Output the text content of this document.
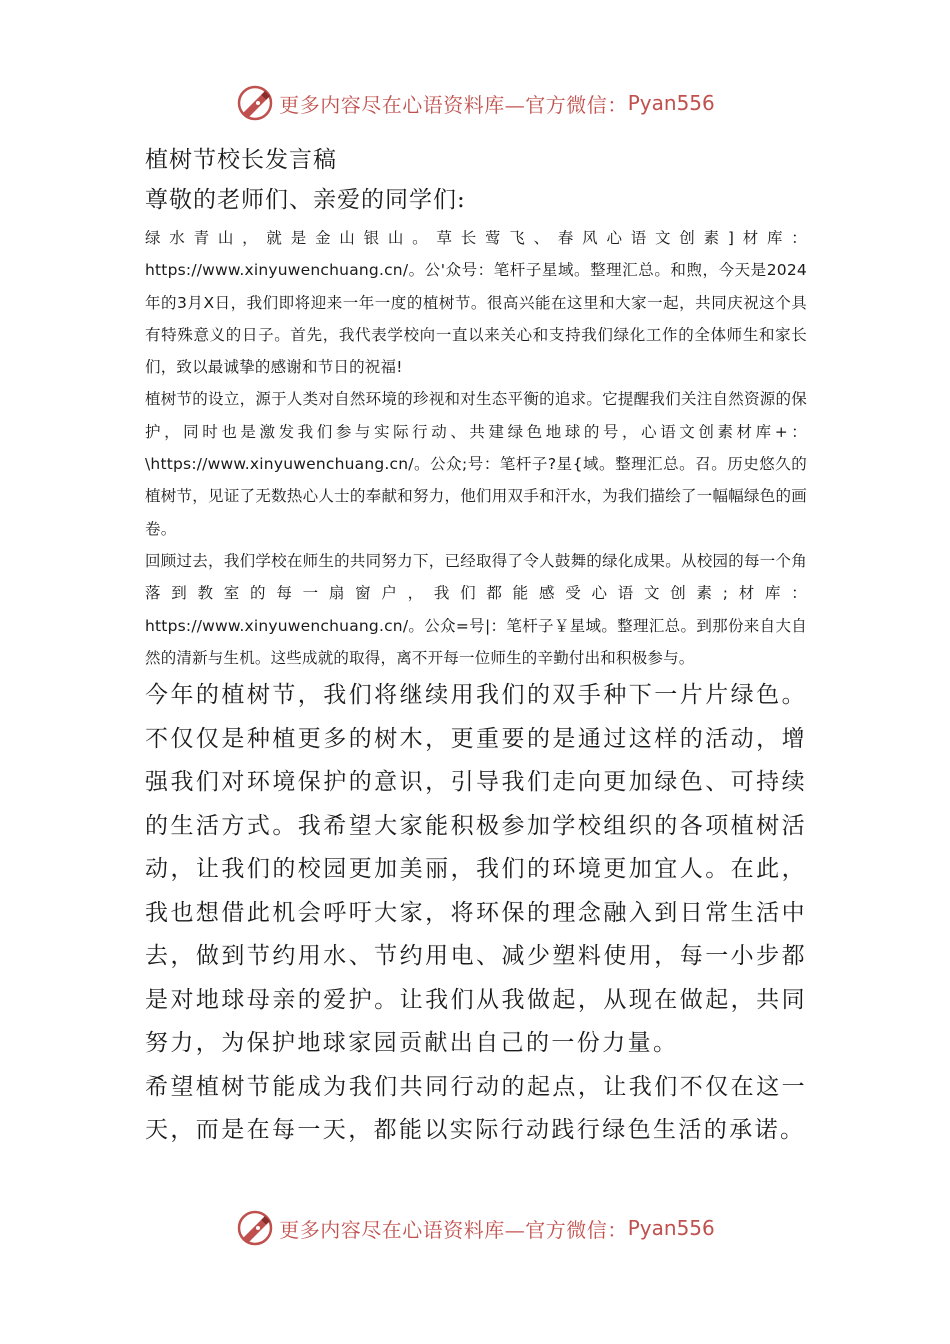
更多内容尽在心语资料库—官方微信： Pyan556

植树节校长发言稿

尊敬的老师们、亲爱的同学们:

绿水青山，就是金山银山。草长莺飞、春风心语文创素]材库：https://www.xinyuwenchuang.cn/。公'众号：笔杆子星域。整理汇总。和煦，今天是2024年的3月X日，我们即将迎来一年一度的植树节。很高兴能在这里和大家一起，共同庆祝这个具有特殊意义的日子。首先，我代表学校向一直以来关心和支持我们绿化工作的全体师生和家长们，致以最诚挚的感谢和节日的祝福!

植树节的设立，源于人类对自然环境的珍视和对生态平衡的追求。它提醒我们关注自然资源的保护，同时也是激发我们参与实际行动、共建绿色地球的号，心语文创素材库+：\https://www.xinyuwenchuang.cn/。公众;号：笔杆子?星{域。整理汇总。召。历史悠久的植树节，见证了无数热心人士的奉献和努力，他们用双手和汗水，为我们描绘了一幅幅绿色的画卷。

回顾过去，我们学校在师生的共同努力下，已经取得了令人鼓舞的绿化成果。从校园的每一个角落到教室的每一扇窗户，我们都能感受心语文创素;材库：https://www.xinyuwenchuang.cn/。公众=号|：笔杆子￥星域。整理汇总。到那份来自大自然的清新与生机。这些成就的取得，离不开每一位师生的辛勤付出和积极参与。

今年的植树节，我们将继续用我们的双手种下一片片绿色。不仅仅是种植更多的树木，更重要的是通过这样的活动，增强我们对环境保护的意识，引导我们走向更加绿色、可持续的生活方式。我希望大家能积极参加学校组织的各项植树活动，让我们的校园更加美丽，我们的环境更加宜人。在此，我也想借此机会呼吁大家，将环保的理念融入到日常生活中去，做到节约用水、节约用电、减少塑料使用，每一小步都是对地球母亲的爱护。让我们从我做起，从现在做起，共同努力，为保护地球家园贡献出自己的一份力量。

希望植树节能成为我们共同行动的起点，让我们不仅在这一天，而是在每一天，都能以实际行动践行绿色生活的承诺。

更多内容尽在心语资料库—官方微信： Pyan556
